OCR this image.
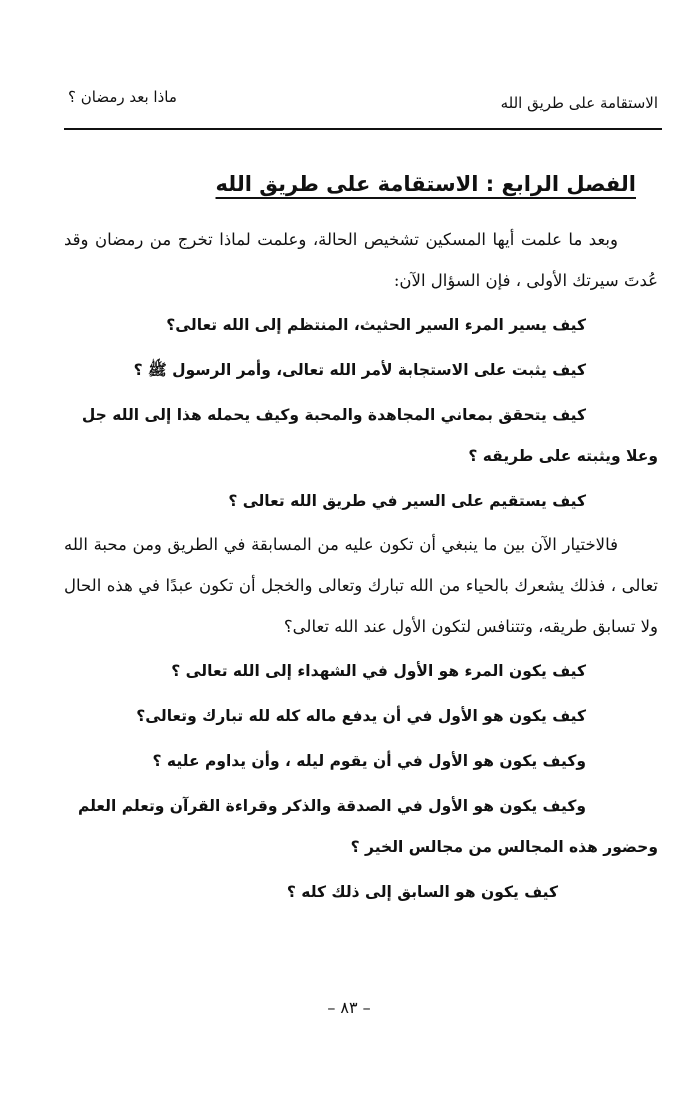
الاستقامة على طريق الله
ماذا بعد رمضان ؟
الفصل الرابع : الاستقامة على طريق الله

وبعد ما علمت أيها المسكين تشخيص الحالة، وعلمت لماذا تخرج من رمضان وقد عُدتَ سيرتك الأولى ، فإن السؤال الآن:

كيف يسير المرء السير الحثيث، المنتظم إلى الله تعالى؟

كيف يثبت على الاستجابة لأمر الله تعالى، وأمر الرسول ﷺ ؟

كيف يتحقق بمعاني المجاهدة والمحبة وكيف يحمله هذا إلى الله جل وعلا ويثبته على طريقه ؟

كيف يستقيم على السير في طريق الله تعالى ؟

فالاختيار الآن بين ما ينبغي أن تكون عليه من المسابقة في الطريق ومن محبة الله تعالى ، فذلك يشعرك بالحياء من الله تبارك وتعالى والخجل أن تكون عبدًا في هذه الحال ولا تسابق طريقه، وتتنافس لتكون الأول عند الله تعالى؟

كيف يكون المرء هو الأول في الشهداء إلى الله تعالى ؟

كيف يكون هو الأول في أن يدفع ماله كله لله تبارك وتعالى؟

وكيف يكون هو الأول في أن يقوم ليله ، وأن يداوم عليه ؟

وكيف يكون هو الأول في الصدقة والذكر وقراءة القرآن وتعلم العلم وحضور هذه المجالس من مجالس الخير ؟

كيف يكون هو السابق إلى ذلك كله ؟

– ٨٣ –
